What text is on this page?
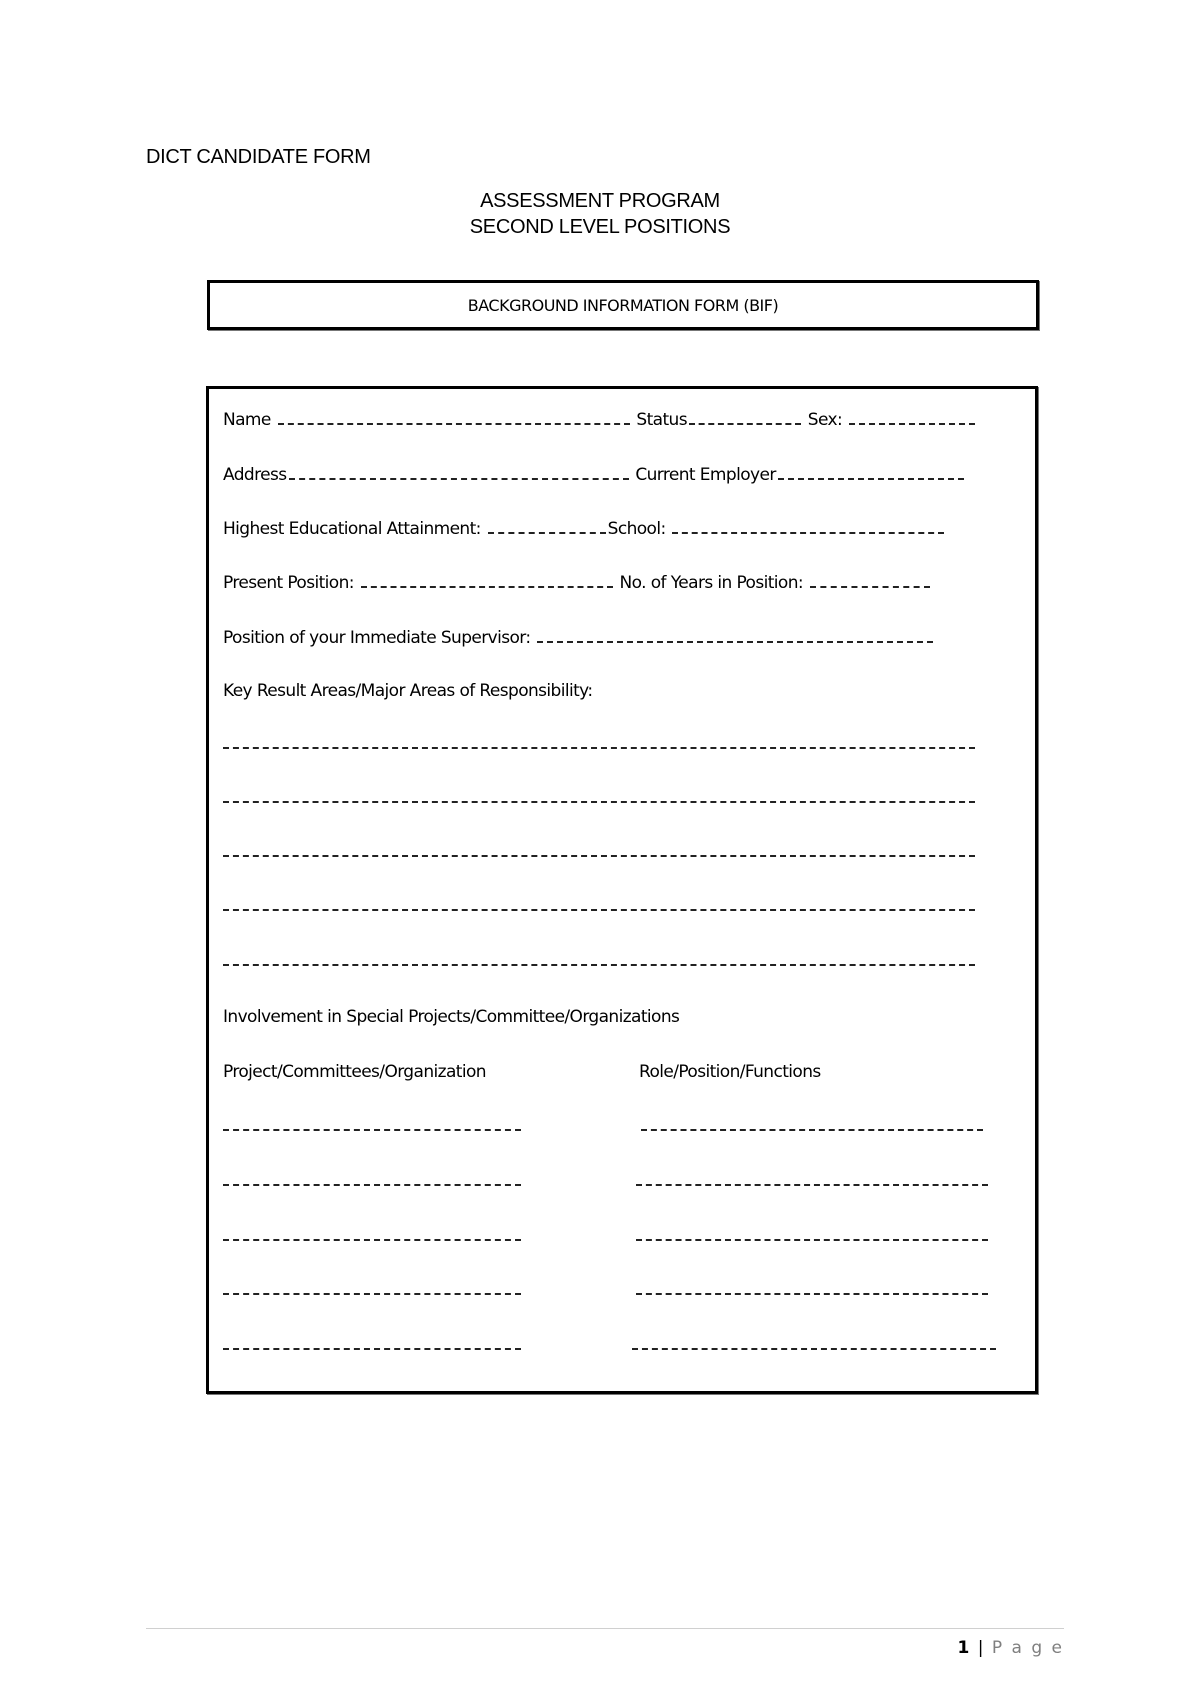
DICT CANDIDATE FORM
ASSESSMENT PROGRAM
SECOND LEVEL POSITIONS
BACKGROUND INFORMATION FORM (BIF)
Name	Status	Sex:
Address	Current Employer
Highest Educational Attainment:	School:
Present Position:	No. of Years in Position:
Position of your Immediate Supervisor:
Key Result Areas/Major Areas of Responsibility:
Involvement in Special Projects/Committee/Organizations
Project/Committees/Organization	Role/Position/Functions
1 | P a g e
